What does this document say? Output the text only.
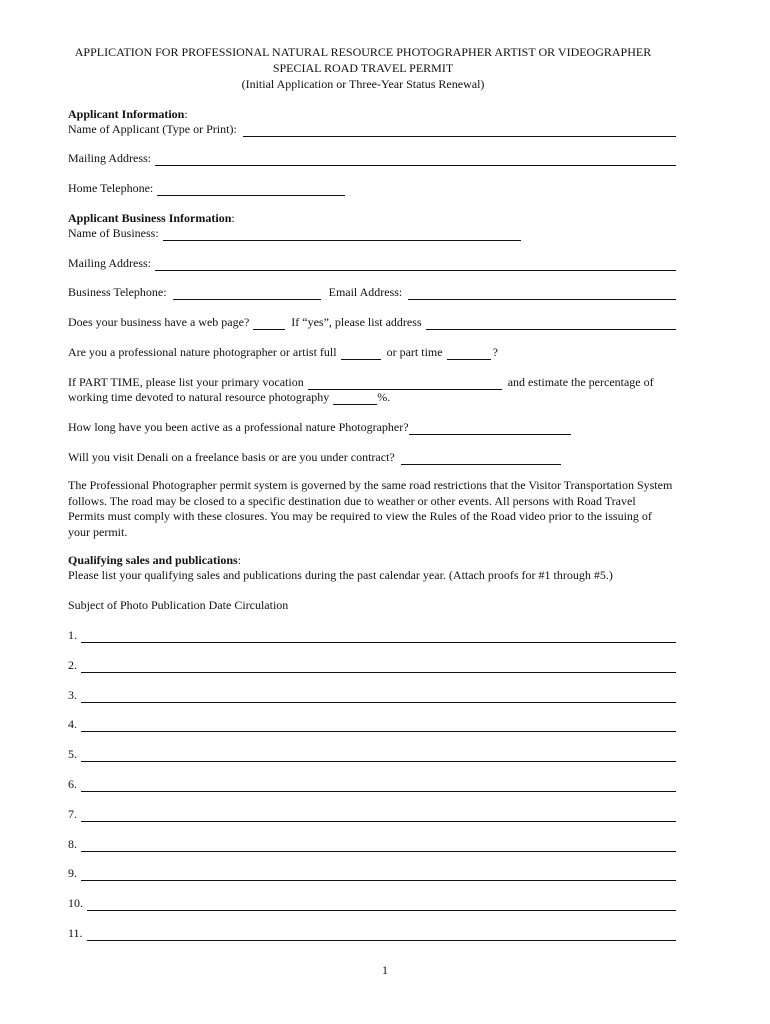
APPLICATION FOR PROFESSIONAL NATURAL RESOURCE PHOTOGRAPHER ARTIST OR VIDEOGRAPHER
SPECIAL ROAD TRAVEL PERMIT
(Initial Application or Three-Year Status Renewal)
Applicant Information:
Name of Applicant (Type or Print):
Mailing Address:
Home Telephone:
Applicant Business Information:
Name of Business:
Mailing Address:
Business Telephone:	Email Address:
Does your business have a web page?	If “yes”, please list address
Are you a professional nature photographer or artist full	or part time	?
If PART TIME, please list your primary vocation	and estimate the percentage of
working time devoted to natural resource photography	%.
How long have you been active as a professional nature Photographer?
Will you visit Denali on a freelance basis or are you under contract?
The Professional Photographer permit system is governed by the same road restrictions that the Visitor Transportation System follows. The road may be closed to a specific destination due to weather or other events. All persons with Road Travel Permits must comply with these closures. You may be required to view the Rules of the Road video prior to the issuing of your permit.
Qualifying sales and publications:
Please list your qualifying sales and publications during the past calendar year. (Attach proofs for #1 through #5.)
Subject of Photo Publication Date Circulation
1.
2.
3.
4.
5.
6.
7.
8.
9.
10.
11.
1
